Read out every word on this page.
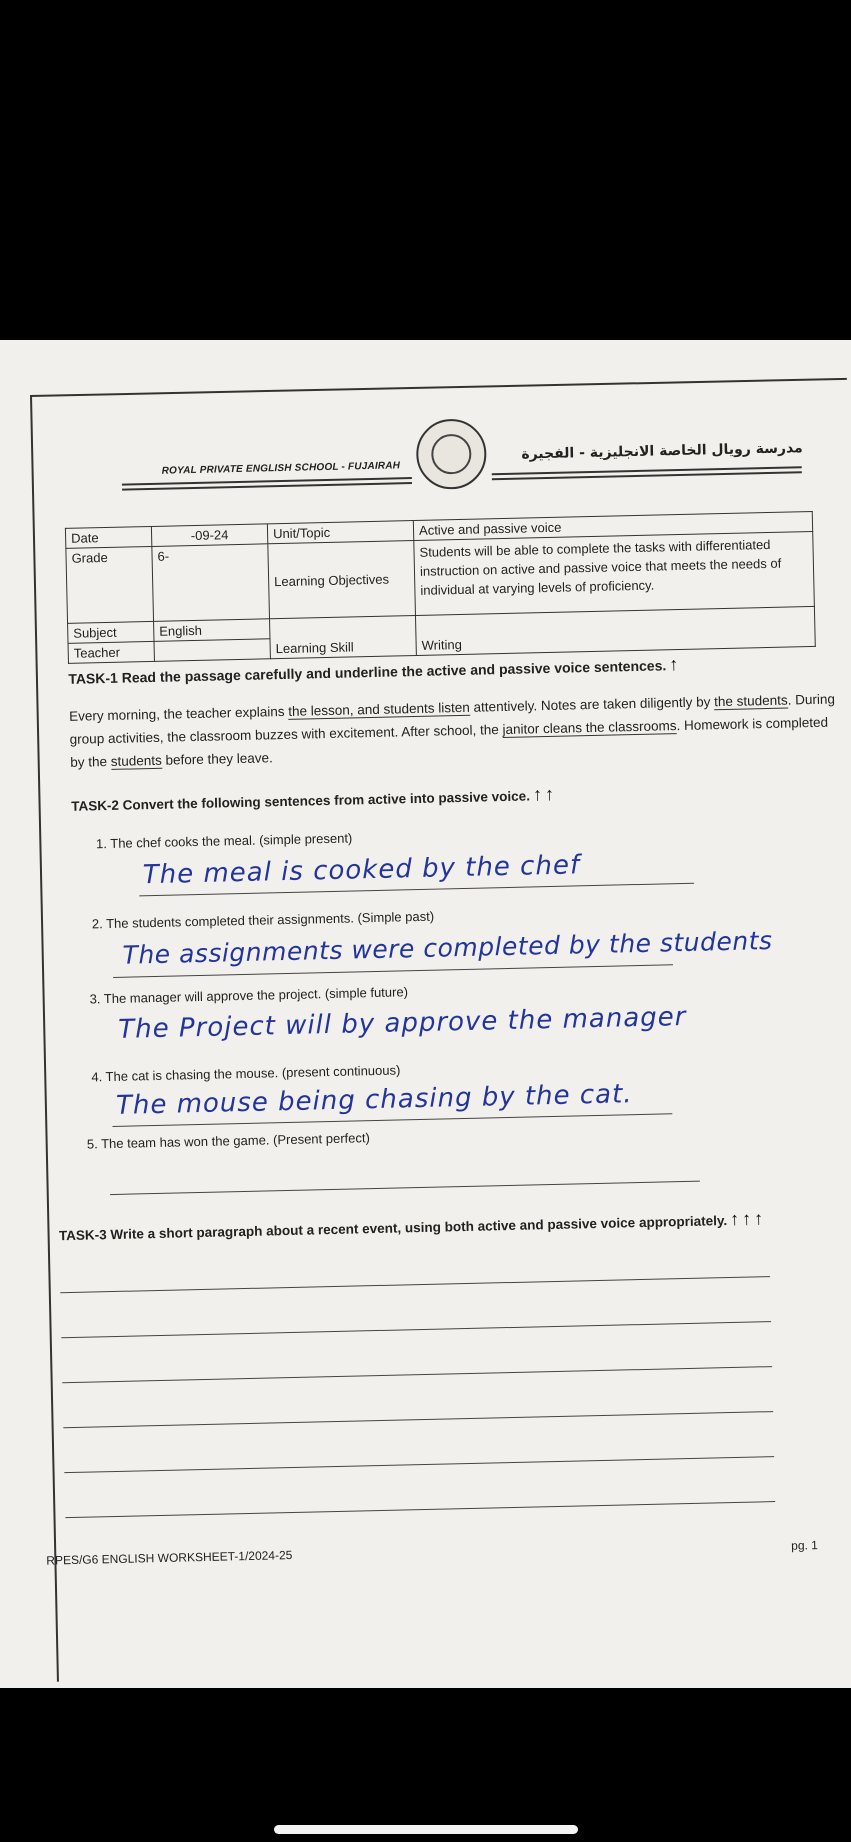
ROYAL PRIVATE ENGLISH SCHOOL - FUJAIRAH
مدرسة رويال الخاصة الانجليزية - الفجيرة
Date	-09-24	Unit/Topic	Active and passive voice
Grade	6-	Learning Objectives	Students will be able to complete the tasks with differentiated instruction on active and passive voice that meets the needs of individual at varying levels of proficiency.
Subject	English	Learning Skill	Writing
Teacher			
TASK-1 Read the passage carefully and underline the active and passive voice sentences. ↑
Every morning, the teacher explains the lesson, and students listen attentively. Notes are taken diligently by the students. During group activities, the classroom buzzes with excitement. After school, the janitor cleans the classrooms. Homework is completed by the students before they leave.
TASK-2 Convert the following sentences from active into passive voice. ↑ ↑
1. The chef cooks the meal. (simple present)
The meal is cooked by the chef
2. The students completed their assignments. (Simple past)
The assignments were completed by the students
3. The manager will approve the project. (simple future)
The Project will by approve the manager
4. The cat is chasing the mouse. (present continuous)
The mouse being chasing by the cat.
5. The team has won the game. (Present perfect)
TASK-3 Write a short paragraph about a recent event, using both active and passive voice appropriately. ↑ ↑ ↑
RPES/G6 ENGLISH WORKSHEET-1/2024-25
pg. 1
